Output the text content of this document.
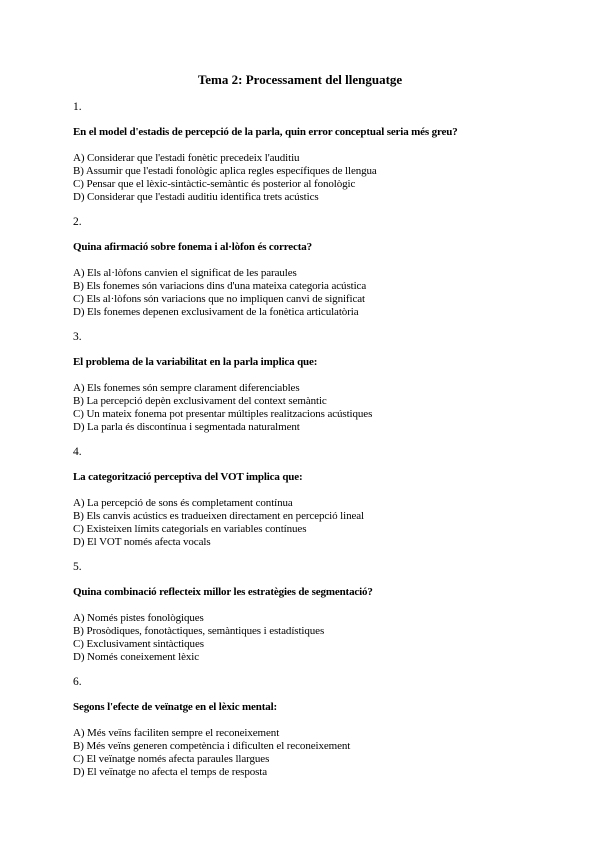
Tema 2: Processament del llenguatge
1.
En el model d'estadis de percepció de la parla, quin error conceptual seria més greu?
A) Considerar que l'estadi fonètic precedeix l'auditiu
B) Assumir que l'estadi fonològic aplica regles específiques de llengua
C) Pensar que el lèxic-sintàctic-semàntic és posterior al fonològic
D) Considerar que l'estadi auditiu identifica trets acústics
2.
Quina afirmació sobre fonema i al·lòfon és correcta?
A) Els al·lòfons canvien el significat de les paraules
B) Els fonemes són variacions dins d'una mateixa categoria acústica
C) Els al·lòfons són variacions que no impliquen canvi de significat
D) Els fonemes depenen exclusivament de la fonètica articulatòria
3.
El problema de la variabilitat en la parla implica que:
A) Els fonemes són sempre clarament diferenciables
B) La percepció depèn exclusivament del context semàntic
C) Un mateix fonema pot presentar múltiples realitzacions acústiques
D) La parla és discontínua i segmentada naturalment
4.
La categorització perceptiva del VOT implica que:
A) La percepció de sons és completament contínua
B) Els canvis acústics es tradueixen directament en percepció lineal
C) Existeixen límits categorials en variables contínues
D) El VOT només afecta vocals
5.
Quina combinació reflecteix millor les estratègies de segmentació?
A) Només pistes fonològiques
B) Prosòdiques, fonotàctiques, semàntiques i estadístiques
C) Exclusivament sintàctiques
D) Només coneixement lèxic
6.
Segons l'efecte de veïnatge en el lèxic mental:
A) Més veïns faciliten sempre el reconeixement
B) Més veïns generen competència i dificulten el reconeixement
C) El veïnatge només afecta paraules llargues
D) El veïnatge no afecta el temps de resposta
